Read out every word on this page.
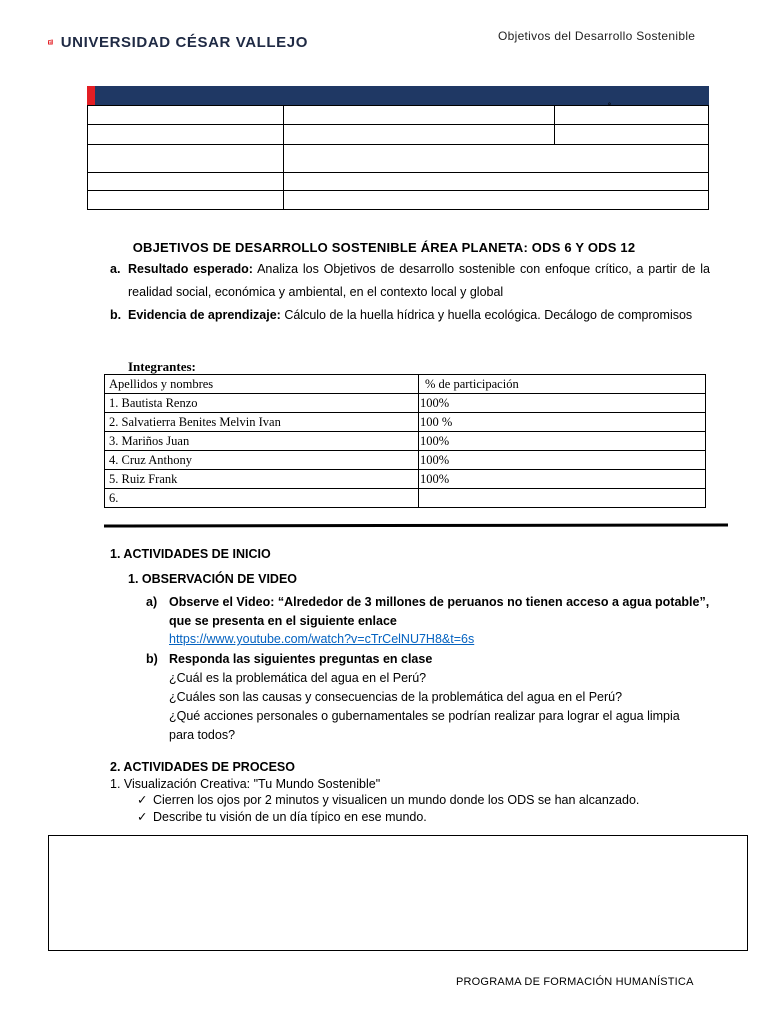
UNIVERSIDAD CÉSAR VALLEJO	Objetivos del Desarrollo Sostenible

˚
OBJETIVOS DE DESARROLLO SOSTENIBLE ÁREA PLANETA: ODS 6 Y ODS 12
a. Resultado esperado: Analiza los Objetivos de desarrollo sostenible con enfoque crítico, a partir de la realidad social, económica y ambiental, en el contexto local y global
b. Evidencia de aprendizaje: Cálculo de la huella hídrica y huella ecológica. Decálogo de compromisos
Integrantes:
Apellidos y nombres	% de participación
1. Bautista Renzo	100%
2. Salvatierra Benites Melvin Ivan	100 %
3. Mariños Juan	100%
4. Cruz Anthony	100%
5. Ruiz Frank	100%
6.	
1. ACTIVIDADES DE INICIO
1. OBSERVACIÓN DE VIDEO
a) Observe el Video: “Alrededor de 3 millones de peruanos no tienen acceso a agua potable”,
que se presenta en el siguiente enlace
https://www.youtube.com/watch?v=cTrCelNU7H8&t=6s
b) Responda las siguientes preguntas en clase
¿Cuál es la problemática del agua en el Perú?
¿Cuáles son las causas y consecuencias de la problemática del agua en el Perú?
¿Qué acciones personales o gubernamentales se podrían realizar para lograr el agua limpia
para todos?
2. ACTIVIDADES DE PROCESO
1. Visualización Creativa: "Tu Mundo Sostenible"
✓ Cierren los ojos por 2 minutos y visualicen un mundo donde los ODS se han alcanzado.
✓ Describe tu visión de un día típico en ese mundo.
PROGRAMA DE FORMACIÓN HUMANÍSTICA
